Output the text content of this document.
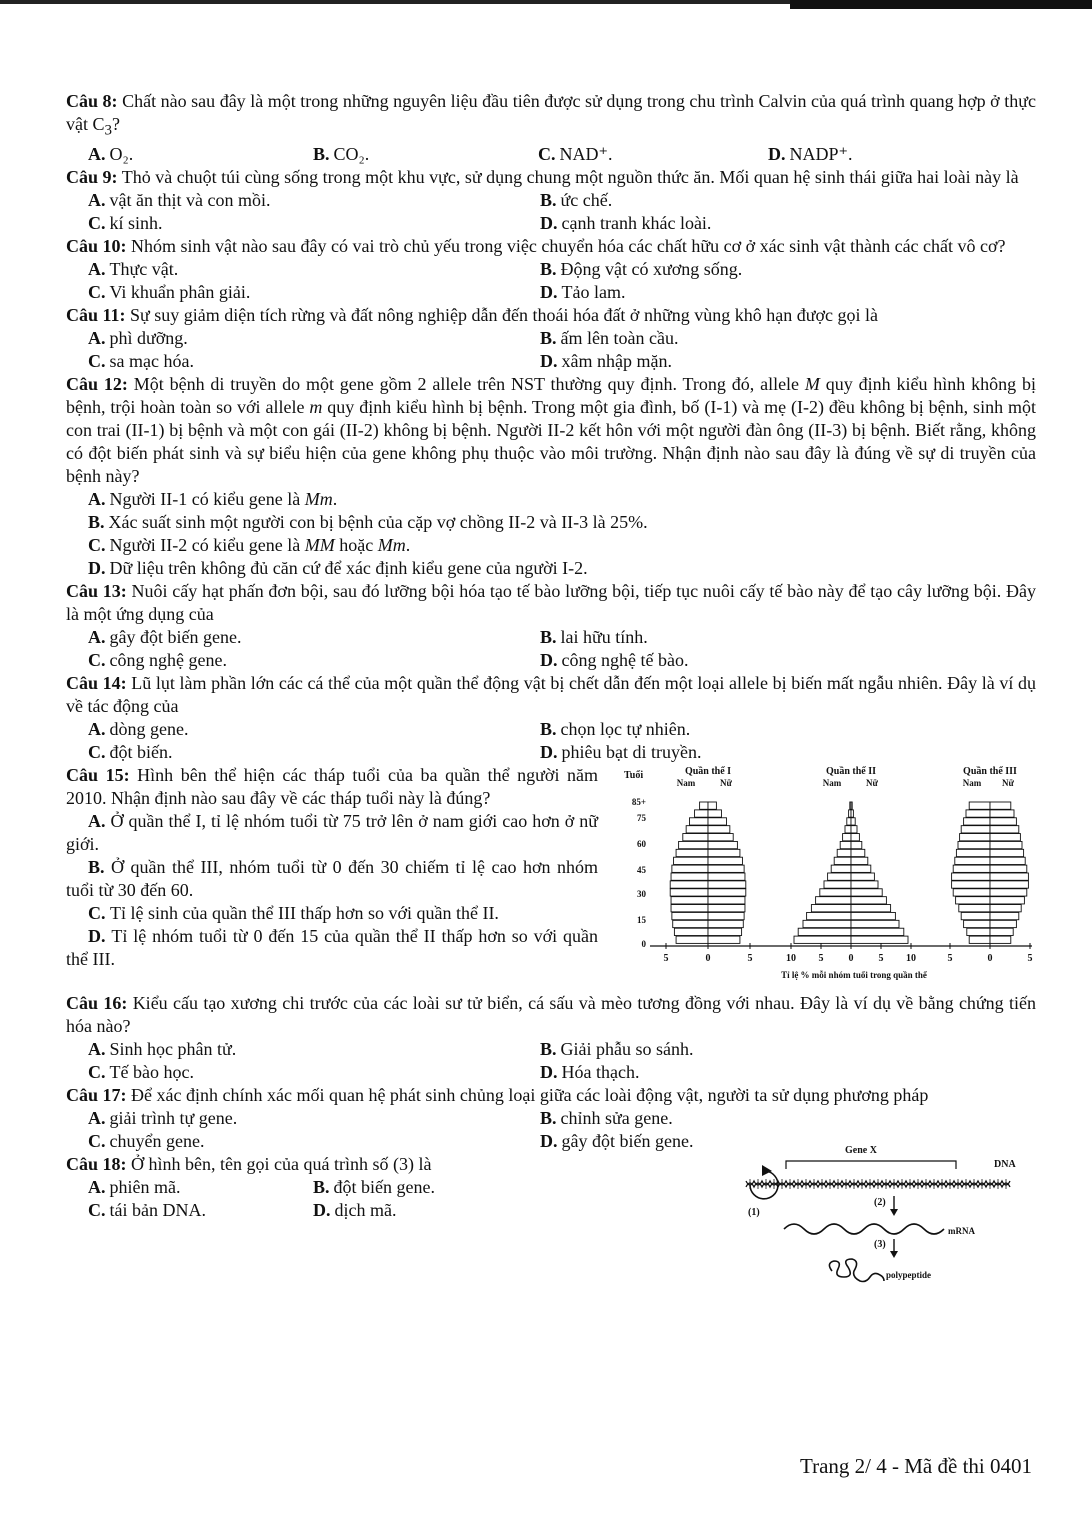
Câu 8: Chất nào sau đây là một trong những nguyên liệu đầu tiên được sử dụng trong chu trình Calvin của quá trình quang hợp ở thực vật $C_3$?

A. O₂.	B. CO₂.	C. NAD⁺.	D. NADP⁺.

Câu 9: Thỏ và chuột túi cùng sống trong một khu vực, sử dụng chung một nguồn thức ăn. Mối quan hệ sinh thái giữa hai loài này là

A. vật ăn thịt và con mồi.	B. ức chế.
C. kí sinh.	D. cạnh tranh khác loài.

Câu 10: Nhóm sinh vật nào sau đây có vai trò chủ yếu trong việc chuyển hóa các chất hữu cơ ở xác sinh vật thành các chất vô cơ?

A. Thực vật.	B. Động vật có xương sống.
C. Vi khuẩn phân giải.	D. Tảo lam.

Câu 11: Sự suy giảm diện tích rừng và đất nông nghiệp dẫn đến thoái hóa đất ở những vùng khô hạn được gọi là

A. phì dưỡng.	B. ấm lên toàn cầu.
C. sa mạc hóa.	D. xâm nhập mặn.

Câu 12: Một bệnh di truyền do một gene gồm 2 allele trên NST thường quy định. Trong đó, allele M quy định kiểu hình không bị bệnh, trội hoàn toàn so với allele m quy định kiểu hình bị bệnh. Trong một gia đình, bố (I-1) và mẹ (I-2) đều không bị bệnh, sinh một con trai (II-1) bị bệnh và một con gái (II-2) không bị bệnh. Người II-2 kết hôn với một người đàn ông (II-3) bị bệnh. Biết rằng, không có đột biến phát sinh và sự biểu hiện của gene không phụ thuộc vào môi trường. Nhận định nào sau đây là đúng về sự di truyền của bệnh này?

A. Người II-1 có kiểu gene là Mm.
B. Xác suất sinh một người con bị bệnh của cặp vợ chồng II-2 và II-3 là 25%.
C. Người II-2 có kiểu gene là MM hoặc Mm.
D. Dữ liệu trên không đủ căn cứ để xác định kiểu gene của người I-2.

Câu 13: Nuôi cấy hạt phấn đơn bội, sau đó lưỡng bội hóa tạo tế bào lưỡng bội, tiếp tục nuôi cấy tế bào này để tạo cây lưỡng bội. Đây là một ứng dụng của

A. gây đột biến gene.	B. lai hữu tính.
C. công nghệ gene.	D. công nghệ tế bào.

Câu 14: Lũ lụt làm phần lớn các cá thể của một quần thể động vật bị chết dẫn đến một loại allele bị biến mất ngẫu nhiên. Đây là ví dụ về tác động của

A. dòng gene.	B. chọn lọc tự nhiên.
C. đột biến.	D. phiêu bạt di truyền.

Câu 15: Hình bên thể hiện các tháp tuổi của ba quần thể người năm 2010. Nhận định nào sau đây về các tháp tuổi này là đúng?

A. Ở quần thể I, tỉ lệ nhóm tuổi từ 75 trở lên ở nam giới cao hơn ở nữ giới.

B. Ở quần thể III, nhóm tuổi từ 0 đến 30 chiếm tỉ lệ cao hơn nhóm tuổi từ 30 đến 60.

C. Tỉ lệ sinh của quần thể III thấp hơn so với quần thể II.

D. Tỉ lệ nhóm tuổi từ 0 đến 15 của quần thể II thấp hơn so với quần thể III.

Tuổi	Quần thể I	Quần thể II	Quần thể III
Nam	Nữ	Nam	Nữ	Nam Nữ
85+
75
60
45
30
15
0
5	0	5	10 5	0	5 10	5	0	5
Tỉ lệ % mỗi nhóm tuổi trong quần thể

Câu 16: Kiểu cấu tạo xương chi trước của các loài sư tử biển, cá sấu và mèo tương đồng với nhau. Đây là ví dụ về bằng chứng tiến hóa nào?

A. Sinh học phân tử.	B. Giải phẫu so sánh.
C. Tế bào học.	D. Hóa thạch.

Câu 17: Để xác định chính xác mối quan hệ phát sinh chủng loại giữa các loài động vật, người ta sử dụng phương pháp

A. giải trình tự gene.	B. chỉnh sửa gene.
C. chuyển gene.	D. gây đột biến gene.

Câu 18: Ở hình bên, tên gọi của quá trình số (3) là

A. phiên mã.	B. đột biến gene.
C. tái bản DNA.	D. dịch mã.
Gene X
DNA
(1)
(2)
(3)
mRNA
polypeptide
Trang 2/ 4 - Mã đề thi 0401
